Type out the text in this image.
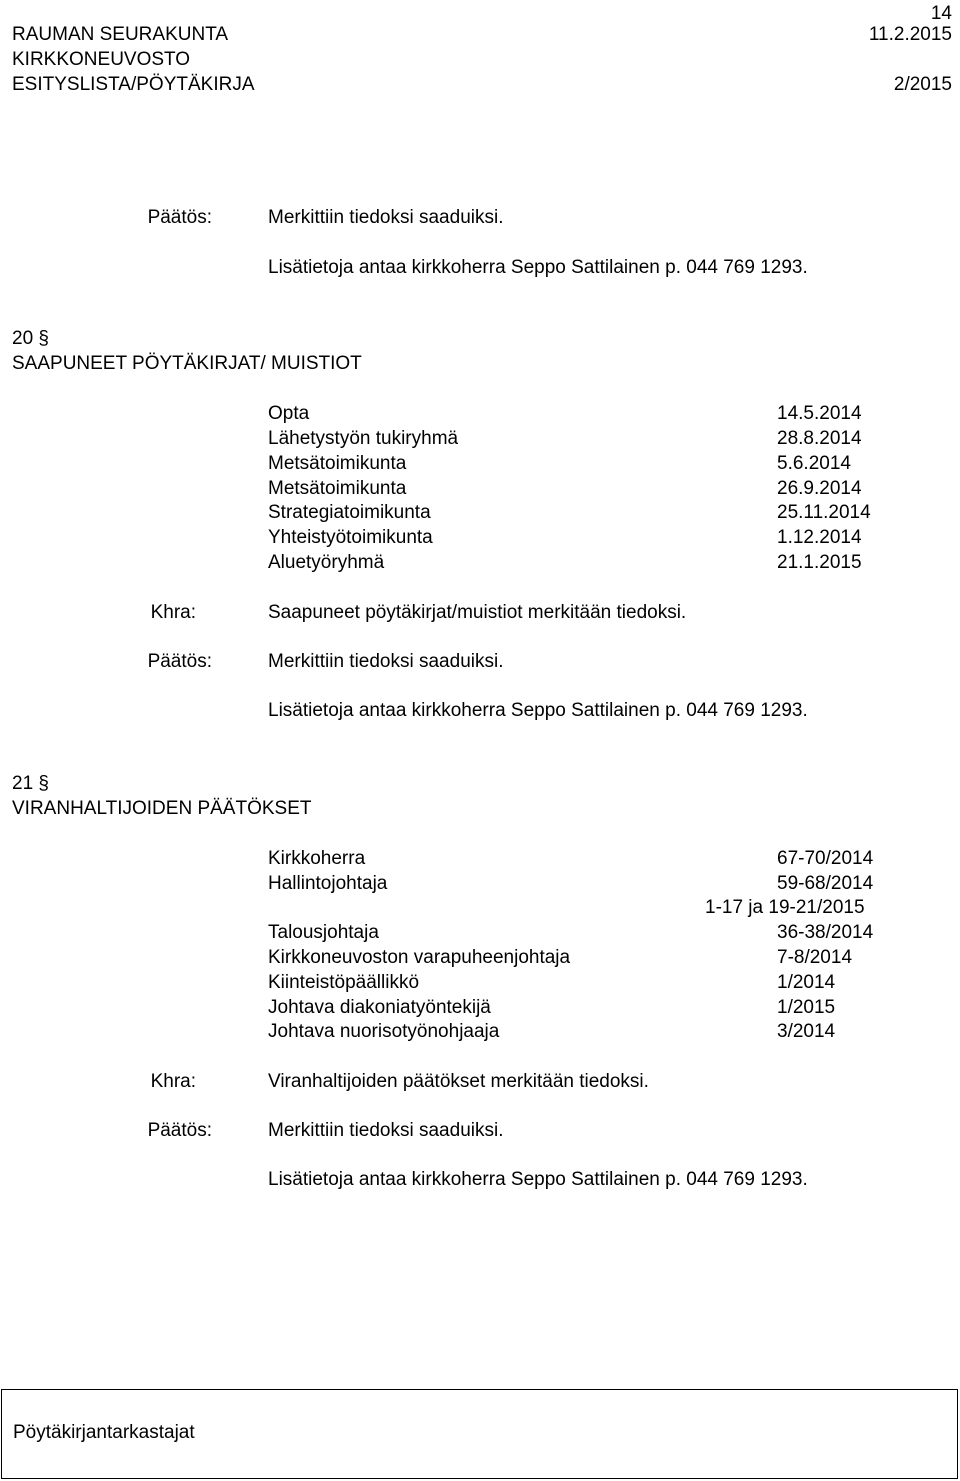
14
RAUMAN SEURAKUNTA	11.2.2015
KIRKKONEUVOSTO
ESITYSLISTA/PÖYTÄKIRJA	2/2015
Päätös:	Merkittiin tiedoksi saaduiksi.
Lisätietoja antaa kirkkoherra Seppo Sattilainen p. 044 769 1293.
20 §
SAAPUNEET PÖYTÄKIRJAT/ MUISTIOT
Opta	14.5.2014
Lähetystyön tukiryhmä	28.8.2014
Metsätoimikunta	5.6.2014
Metsätoimikunta	26.9.2014
Strategiatoimikunta	25.11.2014
Yhteistyötoimikunta	1.12.2014
Aluetyöryhmä	21.1.2015
Khra:	Saapuneet pöytäkirjat/muistiot merkitään tiedoksi.
Päätös:	Merkittiin tiedoksi saaduiksi.
Lisätietoja antaa kirkkoherra Seppo Sattilainen p. 044 769 1293.
21 §
VIRANHALTIJOIDEN PÄÄTÖKSET
Kirkkoherra	67-70/2014
Hallintojohtaja	59-68/2014
1-17 ja 19-21/2015
Talousjohtaja	36-38/2014
Kirkkoneuvoston varapuheenjohtaja	7-8/2014
Kiinteistöpäällikkö	1/2014
Johtava diakoniatyöntekijä	1/2015
Johtava nuorisotyönohjaaja	3/2014
Khra:	Viranhaltijoiden päätökset merkitään tiedoksi.
Päätös:	Merkittiin tiedoksi saaduiksi.
Lisätietoja antaa kirkkoherra Seppo Sattilainen p. 044 769 1293.
Pöytäkirjantarkastajat
